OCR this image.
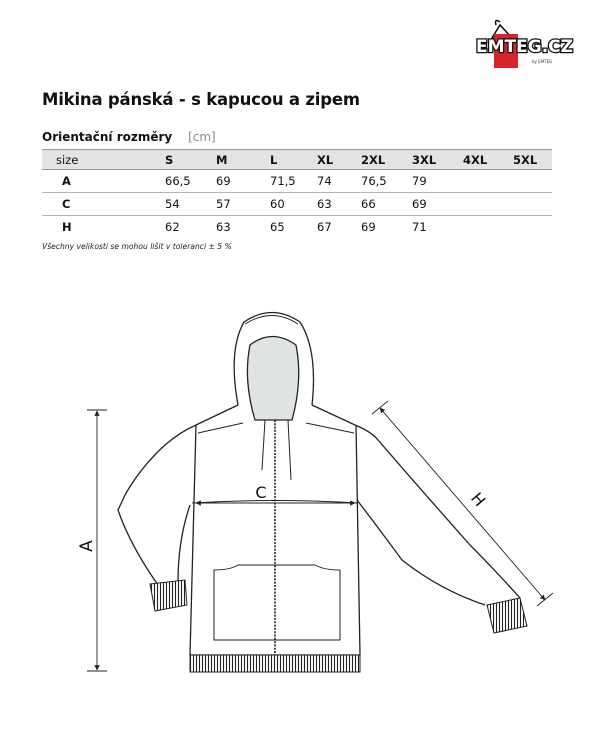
EMTEG.CZ
by EMTEG
Mikina pánská - s kapucou a zipem
Orientační rozměry [cm]
size	S	M	L	XL	2XL	3XL	4XL	5XL
A	66,5	69	71,5	74	76,5	79		
C	54	57	60	63	66	69		
H	62	63	65	67	69	71		
Všechny velikosti se mohou lišit v toleranci ± 5 %
A
C	H
